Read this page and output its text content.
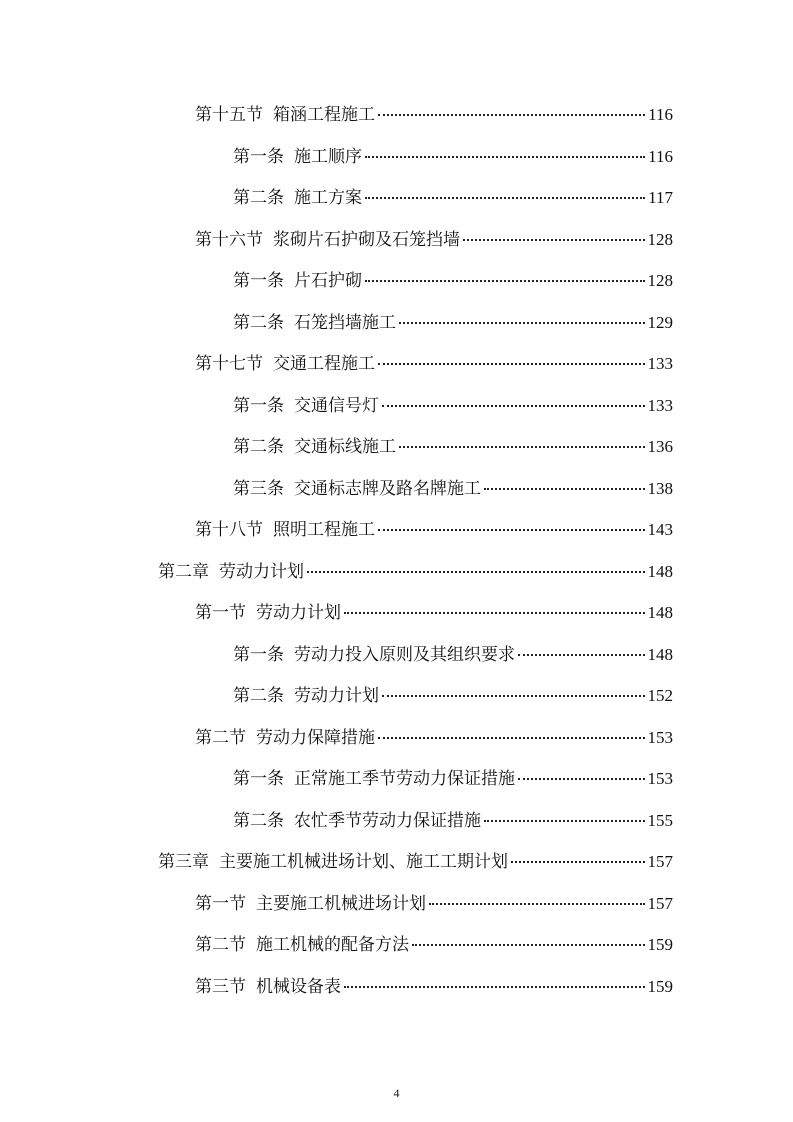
第十五节 箱涵工程施工	116
第一条 施工顺序	116
第二条 施工方案	117
第十六节 浆砌片石护砌及石笼挡墙	128
第一条 片石护砌	128
第二条 石笼挡墙施工	129
第十七节 交通工程施工	133
第一条 交通信号灯	133
第二条 交通标线施工	136
第三条 交通标志牌及路名牌施工	138
第十八节 照明工程施工	143
第二章 劳动力计划	148
第一节 劳动力计划	148
第一条 劳动力投入原则及其组织要求	148
第二条 劳动力计划	152
第二节 劳动力保障措施	153
第一条 正常施工季节劳动力保证措施	153
第二条 农忙季节劳动力保证措施	155
第三章 主要施工机械进场计划、施工工期计划	157
第一节 主要施工机械进场计划	157
第二节 施工机械的配备方法	159
第三节 机械设备表	159
4
